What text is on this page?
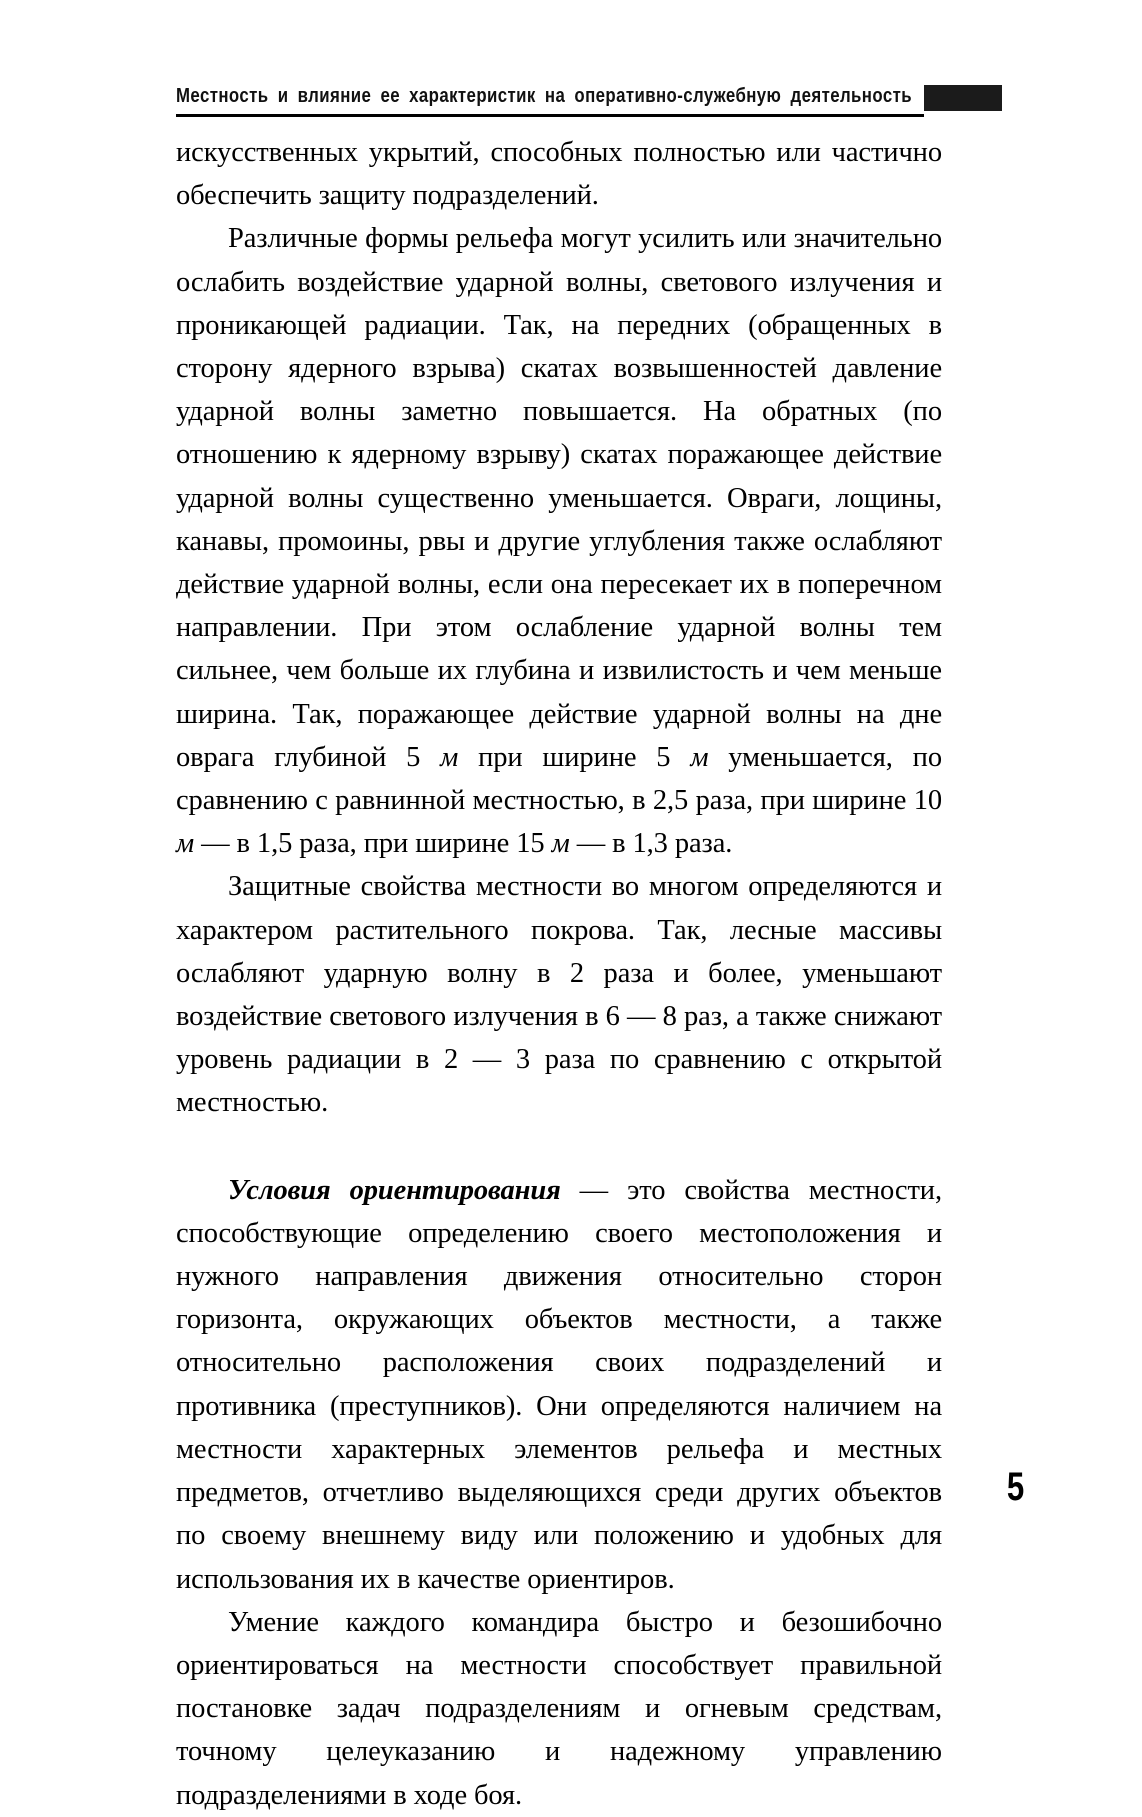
Местность и влияние ее характеристик на оперативно-служебную деятельность

искусственных укрытий, способных полностью или частично обеспечить защиту подразделений.

Различные формы рельефа могут усилить или значительно ослабить воздействие ударной волны, светового излучения и проникающей радиации. Так, на передних (обращенных в сторону ядерного взрыва) скатах возвышенностей давление ударной волны заметно повышается. На обратных (по отношению к ядерному взрыву) скатах поражающее действие ударной волны существенно уменьшается. Овраги, лощины, канавы, промоины, рвы и другие углубления также ослабляют действие ударной волны, если она пересекает их в поперечном направлении. При этом ослабление ударной волны тем сильнее, чем больше их глубина и извилистость и чем меньше ширина. Так, поражающее действие ударной волны на дне оврага глубиной 5 м при ширине 5 м уменьшается, по сравнению с равнинной местностью, в 2,5 раза, при ширине 10 м — в 1,5 раза, при ширине 15 м — в 1,3 раза.

Защитные свойства местности во многом определяются и характером растительного покрова. Так, лесные массивы ослабляют ударную волну в 2 раза и более, уменьшают воздействие светового излучения в 6 — 8 раз, а также снижают уровень радиации в 2 — 3 раза по сравнению с открытой местностью.

Условия ориентирования — это свойства местности, способствующие определению своего местоположения и нужного направления движения относительно сторон горизонта, окружающих объектов местности, а также относительно расположения своих подразделений и противника (преступников). Они определяются наличием на местности характерных элементов рельефа и местных предметов, отчетливо выделяющихся среди других объектов по своему внешнему виду или положению и удобных для использования их в качестве ориентиров.

Умение каждого командира быстро и безошибочно ориентироваться на местности способствует правильной постановке задач подразделениям и огневым средствам, точному целеуказанию и надежному управлению подразделениями в ходе боя.

5
